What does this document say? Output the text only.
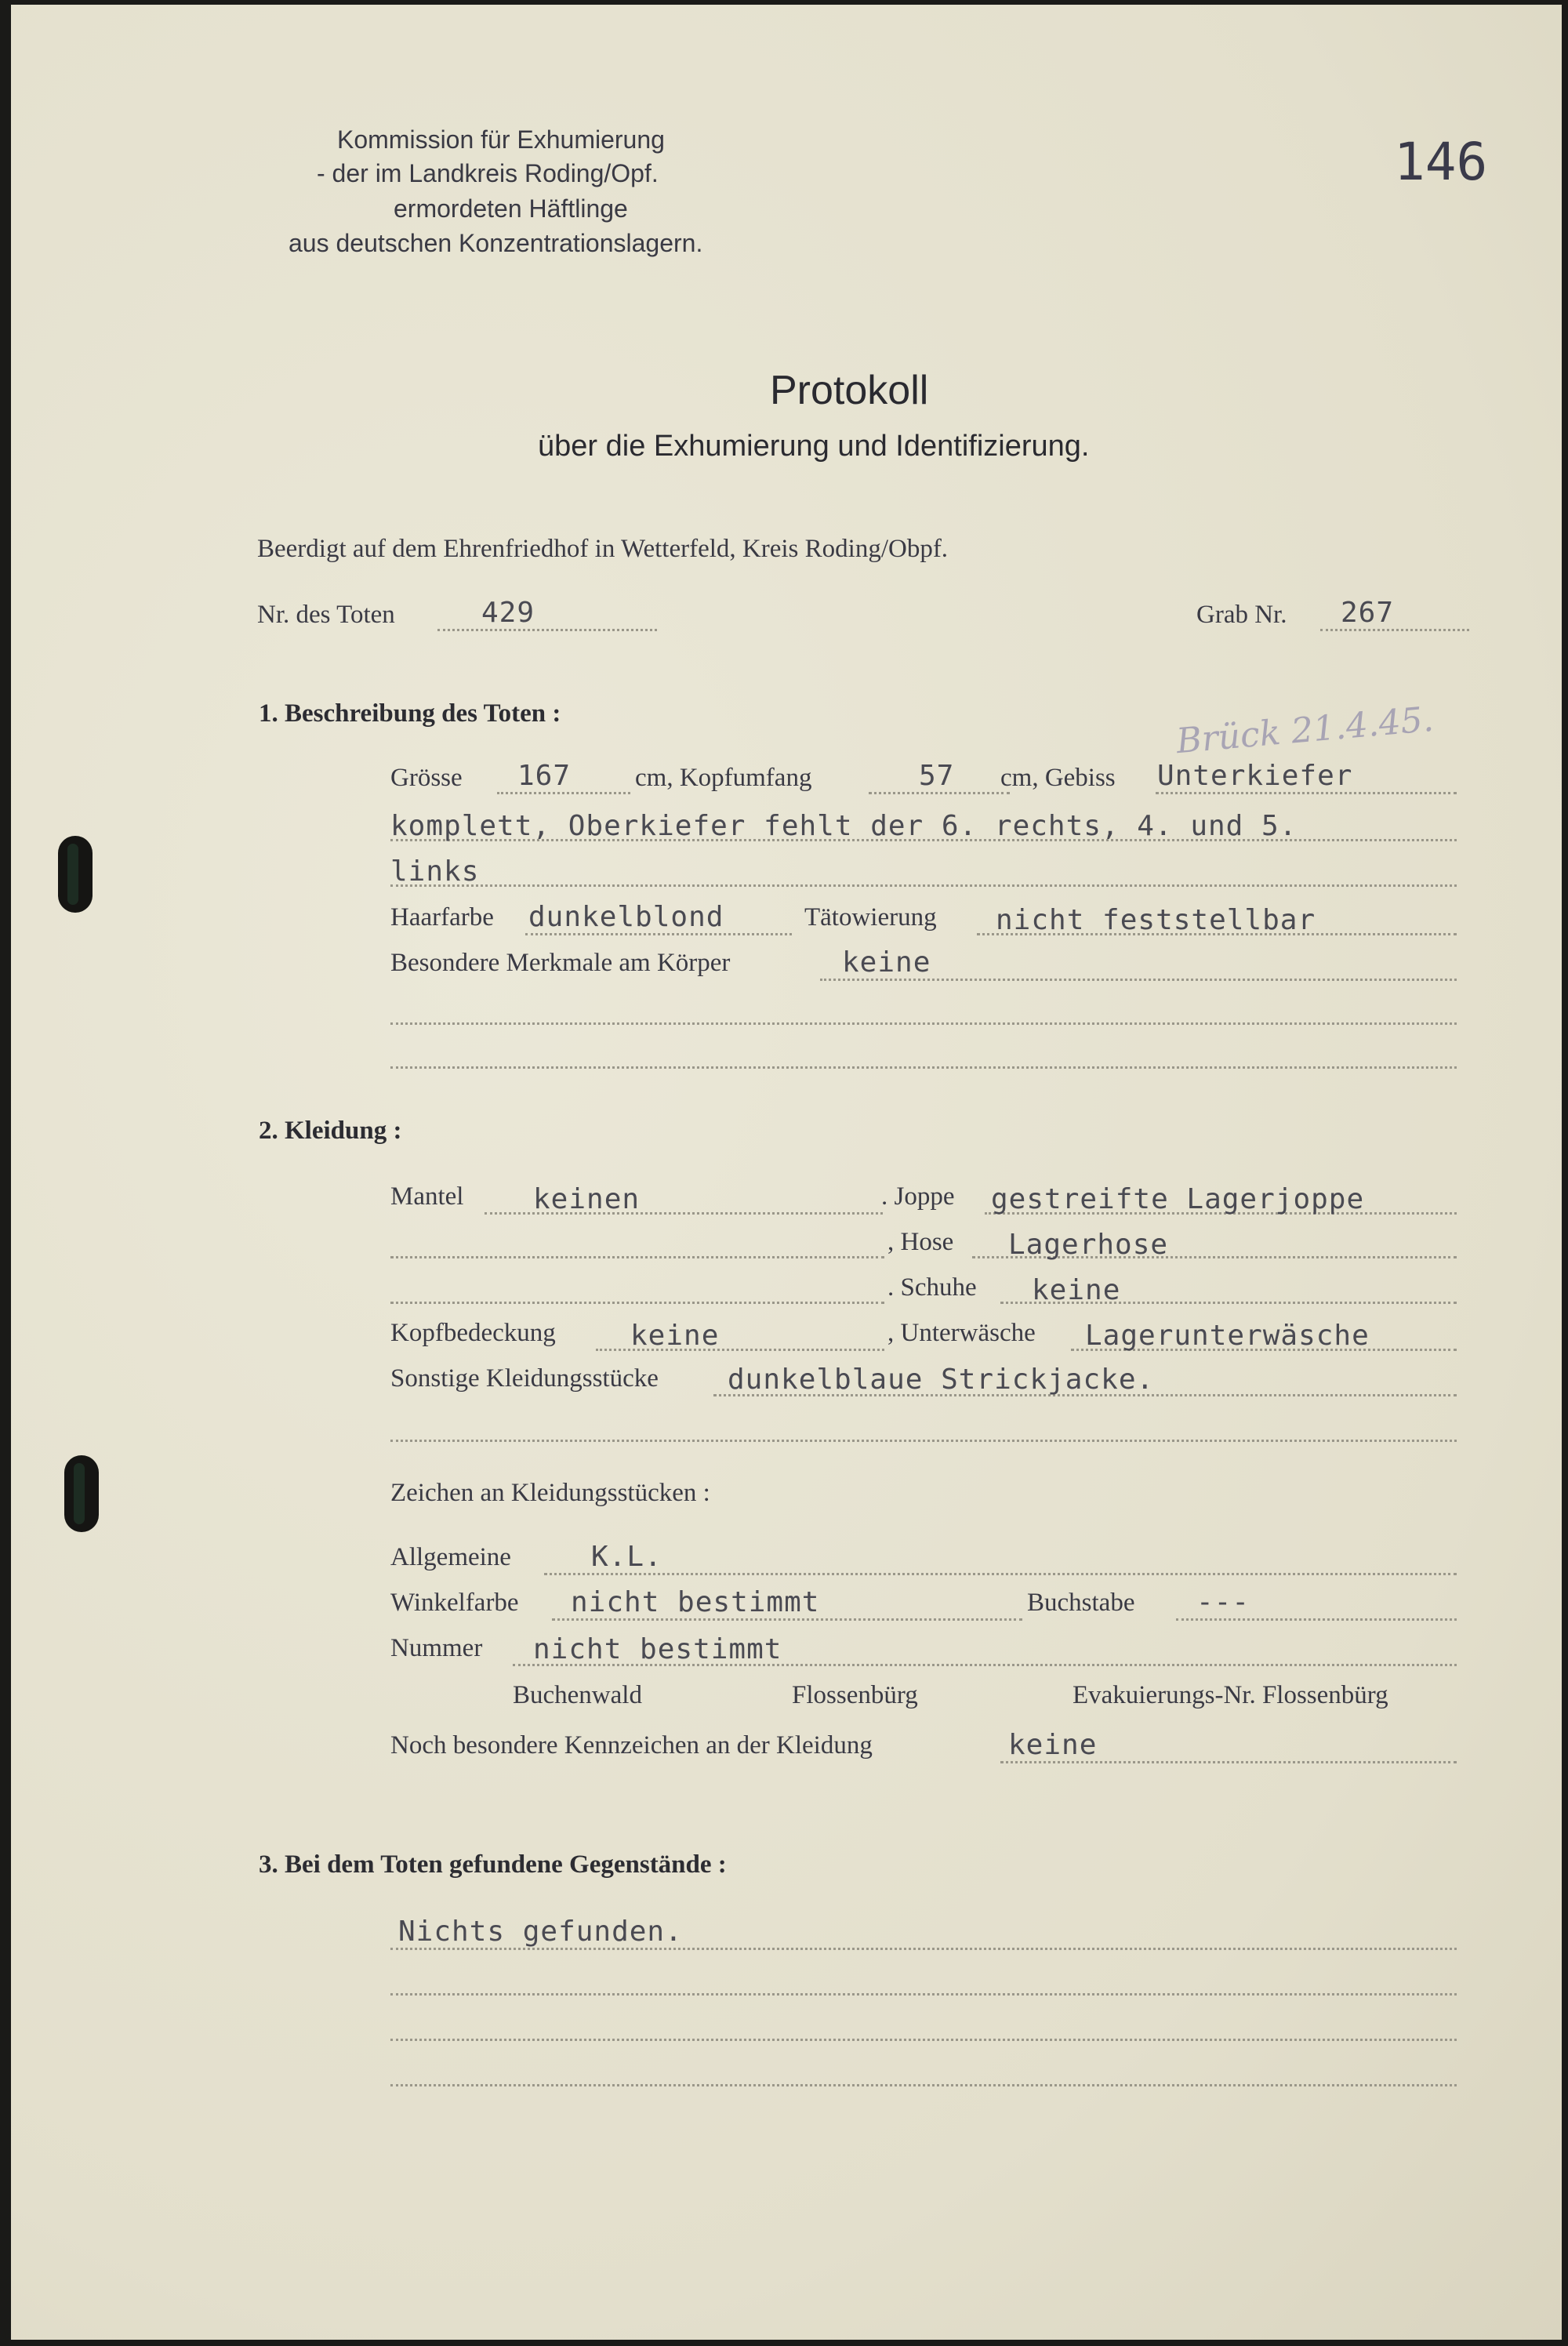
Kommission für Exhumierung
- der im Landkreis Roding/Opf.
ermordeten Häftlinge
aus deutschen Konzentrationslagern.
146
Protokoll
über die Exhumierung und Identifizierung.
Beerdigt auf dem Ehrenfriedhof in Wetterfeld, Kreis Roding/Obpf.
Nr. des Toten	429	Grab Nr. 267
1. Beschreibung des Toten :	Brück 21.4.45.
Grösse 167 cm, Kopfumfang	57 cm, Gebiss Unterkiefer
komplett, Oberkiefer fehlt der 6. rechts, 4. und 5.
links
Haarfarbe dunkelblond	Tätowierung nicht feststellbar
Besondere Merkmale am Körper	keine
2. Kleidung :
Mantel keinen	. Joppe gestreifte Lagerjoppe
, Hose Lagerhose
. Schuhe keine
Kopfbedeckung	keine	, Unterwäsche Lagerunterwäsche
Sonstige Kleidungsstücke dunkelblaue Strickjacke.
Zeichen an Kleidungsstücken :
Allgemeine	K.L.
Winkelfarbe nicht bestimmt	Buchstabe ---
Nummer nicht bestimmt
Buchenwald	Flossenbürg	Evakuierungs-Nr. Flossenbürg
Noch besondere Kennzeichen an der Kleidung	keine
3. Bei dem Toten gefundene Gegenstände :
Nichts gefunden.
